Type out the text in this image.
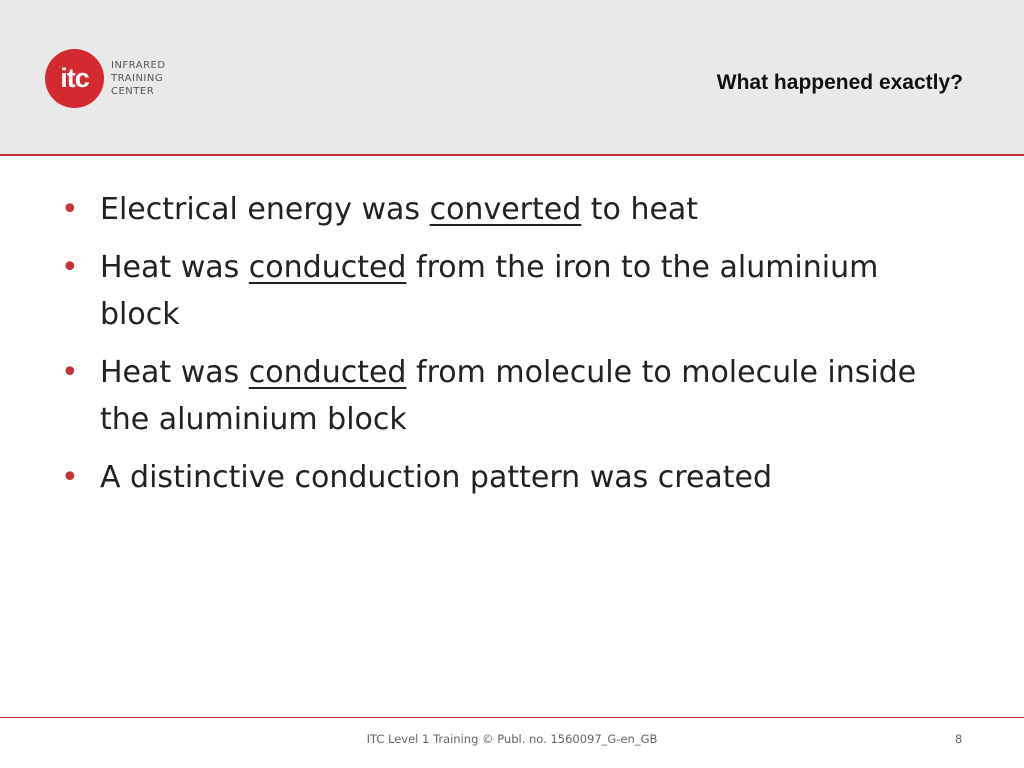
itc	INFRARED
TRAINING
CENTER	What happened exactly?
• Electrical energy was converted to heat
• Heat was conducted from the iron to the aluminium block
• Heat was conducted from molecule to molecule inside the aluminium block
• A distinctive conduction pattern was created
ITC Level 1 Training © Publ. no. 1560097_G-en_GB	8
